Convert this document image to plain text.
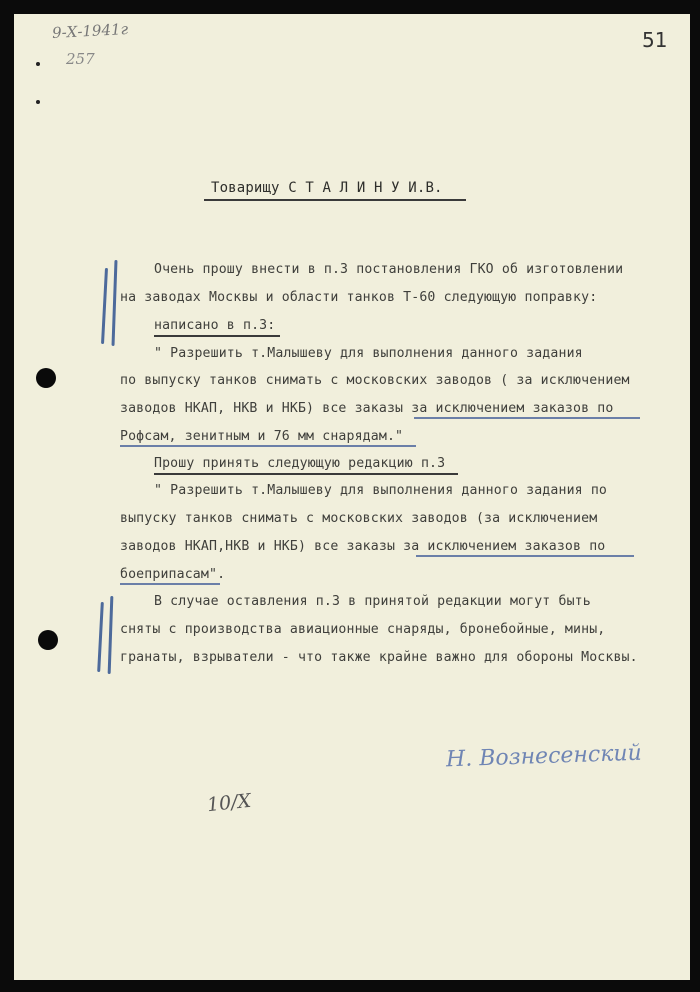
9-Х-1941г
257
51
Товарищу С Т А Л И Н У И.В.
Очень прошу внести в п.3 постановления ГКО об изготовлении
на заводах Москвы и области танков Т-60 следующую поправку:
написано в п.3:
" Разрешить т.Малышеву для выполнения данного задания
по выпуску танков снимать с московских заводов ( за исключением
заводов НКАП, НКВ и НКБ) все заказы за исключением заказов по
Рофсам, зенитным и 76 мм снарядам."
Прошу принять следующую редакцию п.3
" Разрешить т.Малышеву для выполнения данного задания по
выпуску танков снимать с московских заводов (за исключением
заводов НКАП,НКВ и НКБ) все заказы за исключением заказов по
боеприпасам".
В случае оставления п.3 в принятой редакции могут быть
сняты с производства авиационные снаряды, бронебойные, мины,
гранаты, взрыватели - что также крайне важно для обороны Москвы.
Н. Вознесенский
10/Х
